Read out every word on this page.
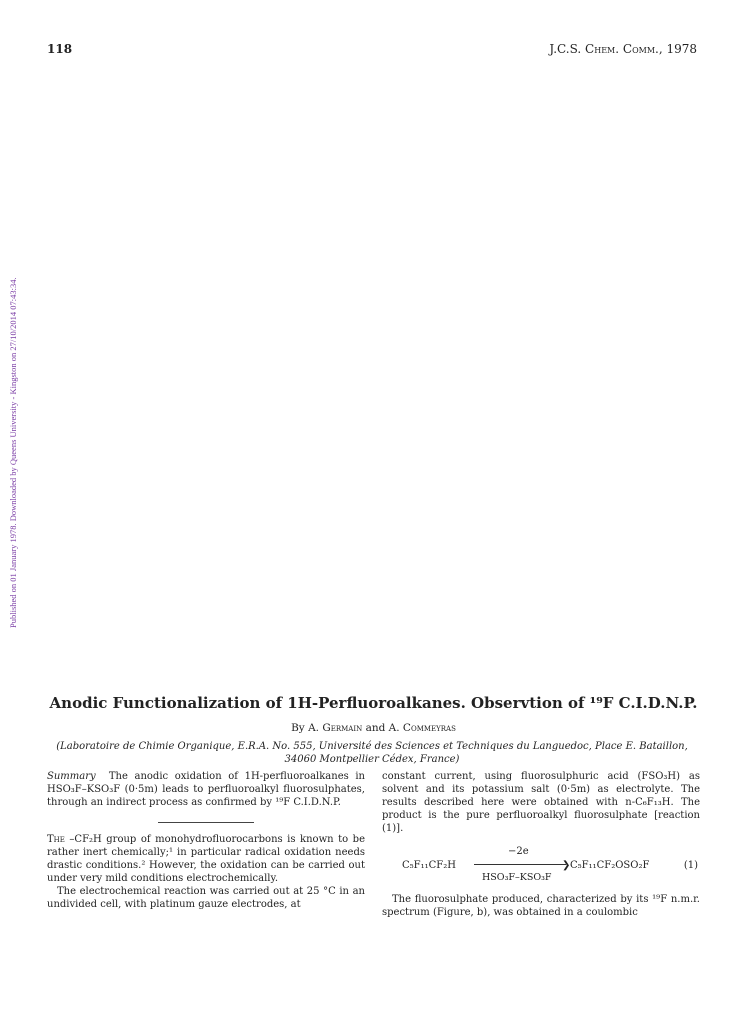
118	J.C.S. Chem. Comm., 1978
Published on 01 January 1978. Downloaded by Queens University - Kingston on 27/10/2014 07:43:34.
Anodic Functionalization of 1H-Perfluoroalkanes. Observtion of ¹⁹F C.I.D.N.P.
By A. Germain and A. Commeyras
(Laboratoire de Chimie Organique, E.R.A. No. 555, Université des Sciences et Techniques du Languedoc, Place E. Bataillon,
34060 Montpellier Cédex, France)

Summary The anodic oxidation of 1H-perfluoroalkanes in HSO₃F–KSO₃F (0·5m) leads to perfluoroalkyl fluorosulphates, through an indirect process as confirmed by ¹⁹F C.I.D.N.P.

The –CF₂H group of monohydrofluorocarbons is known to be rather inert chemically;¹ in particular radical oxidation needs drastic conditions.² However, the oxidation can be carried out under very mild conditions electrochemically.

The electrochemical reaction was carried out at 25 °C in an undivided cell, with platinum gauze electrodes, at

constant current, using fluorosulphuric acid (FSO₃H) as solvent and its potassium salt (0·5m) as electrolyte. The results described here were obtained with n-C₆F₁₃H. The product is the pure perfluoroalkyl fluorosulphate [reaction (1)].

C₅F₁₁CF₂H
−2e
❯
HSO₃F–KSO₃F
C₅F₁₁CF₂OSO₂F	(1)

The fluorosulphate produced, characterized by its ¹⁹F n.m.r. spectrum (Figure, b), was obtained in a coulombic
